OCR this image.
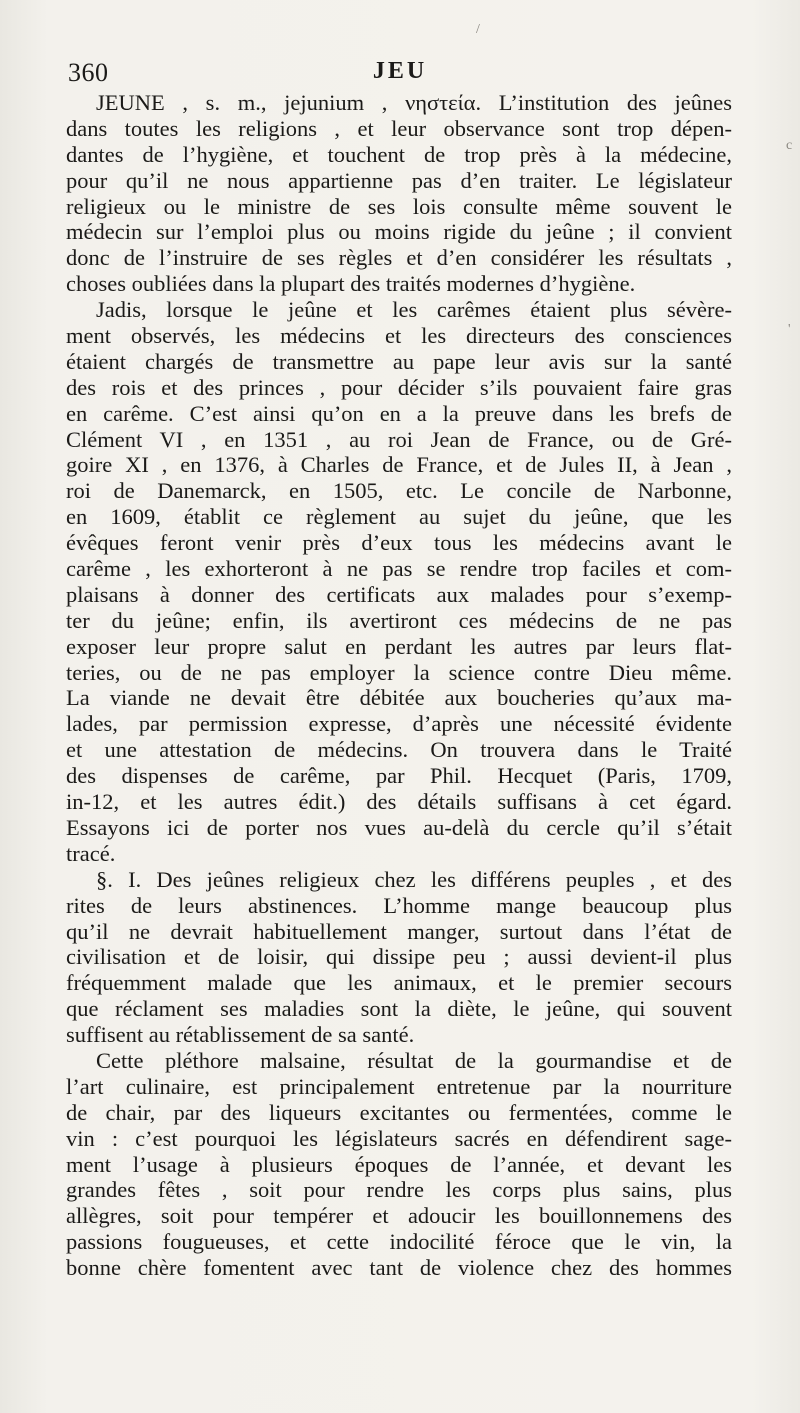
360	JEU
JEUNE , s. m., jejunium , νηστεία. L’institution des jeûnes
dans toutes les religions , et leur observance sont trop dépen-
dantes de l’hygiène, et touchent de trop près à la médecine,
pour qu’il ne nous appartienne pas d’en traiter. Le législateur
religieux ou le ministre de ses lois consulte même souvent le
médecin sur l’emploi plus ou moins rigide du jeûne ; il convient
donc de l’instruire de ses règles et d’en considérer les résultats ,
choses oubliées dans la plupart des traités modernes d’hygiène.
Jadis, lorsque le jeûne et les carêmes étaient plus sévère-
ment observés, les médecins et les directeurs des consciences
étaient chargés de transmettre au pape leur avis sur la santé
des rois et des princes , pour décider s’ils pouvaient faire gras
en carême. C’est ainsi qu’on en a la preuve dans les brefs de
Clément VI , en 1351 , au roi Jean de France, ou de Gré-
goire XI , en 1376, à Charles de France, et de Jules II, à Jean ,
roi de Danemarck, en 1505, etc. Le concile de Narbonne,
en 1609, établit ce règlement au sujet du jeûne, que les
évêques feront venir près d’eux tous les médecins avant le
carême , les exhorteront à ne pas se rendre trop faciles et com-
plaisans à donner des certificats aux malades pour s’exemp-
ter du jeûne; enfin, ils avertiront ces médecins de ne pas
exposer leur propre salut en perdant les autres par leurs flat-
teries, ou de ne pas employer la science contre Dieu même.
La viande ne devait être débitée aux boucheries qu’aux ma-
lades, par permission expresse, d’après une nécessité évidente
et une attestation de médecins. On trouvera dans le Traité
des dispenses de carême, par Phil. Hecquet (Paris, 1709,
in-12, et les autres édit.) des détails suffisans à cet égard.
Essayons ici de porter nos vues au-delà du cercle qu’il s’était
tracé.
§. I. Des jeûnes religieux chez les différens peuples , et des
rites de leurs abstinences. L’homme mange beaucoup plus
qu’il ne devrait habituellement manger, surtout dans l’état de
civilisation et de loisir, qui dissipe peu ; aussi devient-il plus
fréquemment malade que les animaux, et le premier secours
que réclament ses maladies sont la diète, le jeûne, qui souvent
suffisent au rétablissement de sa santé.
Cette pléthore malsaine, résultat de la gourmandise et de
l’art culinaire, est principalement entretenue par la nourriture
de chair, par des liqueurs excitantes ou fermentées, comme le
vin : c’est pourquoi les législateurs sacrés en défendirent sage-
ment l’usage à plusieurs époques de l’année, et devant les
grandes fêtes , soit pour rendre les corps plus sains, plus
allègres, soit pour tempérer et adoucir les bouillonnemens des
passions fougueuses, et cette indocilité féroce que le vin, la
bonne chère fomentent avec tant de violence chez des hommes
c
'
/
